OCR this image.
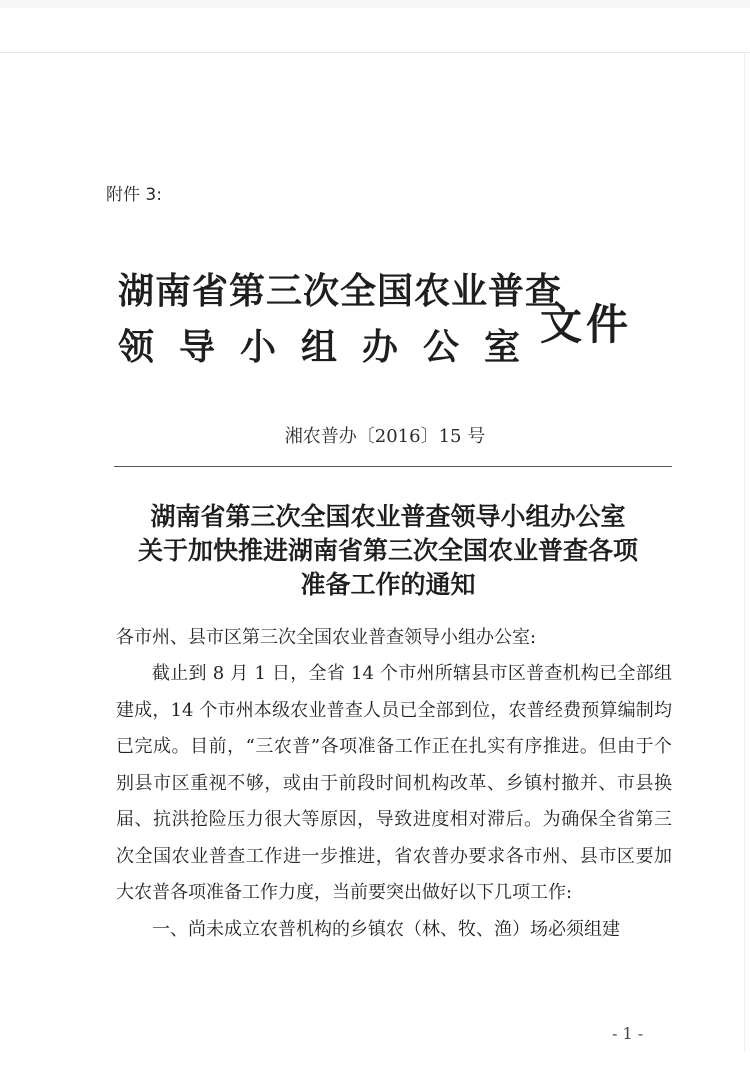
附件 3:

湖南省第三次全国农业普查

领导小组办公室

文件

湘农普办〔2016〕15 号

湖南省第三次全国农业普查领导小组办公室
关于加快推进湖南省第三次全国农业普查各项
准备工作的通知

各市州、县市区第三次全国农业普查领导小组办公室:

截止到 8 月 1 日，全省 14 个市州所辖县市区普查机构已全部组建成，14 个市州本级农业普查人员已全部到位，农普经费预算编制均已完成。目前，“三农普”各项准备工作正在扎实有序推进。但由于个别县市区重视不够，或由于前段时间机构改革、乡镇村撤并、市县换届、抗洪抢险压力很大等原因，导致进度相对滞后。为确保全省第三次全国农业普查工作进一步推进，省农普办要求各市州、县市区要加大农普各项准备工作力度，当前要突出做好以下几项工作:

一、尚未成立农普机构的乡镇农（林、牧、渔）场必须组建

- 1 -
